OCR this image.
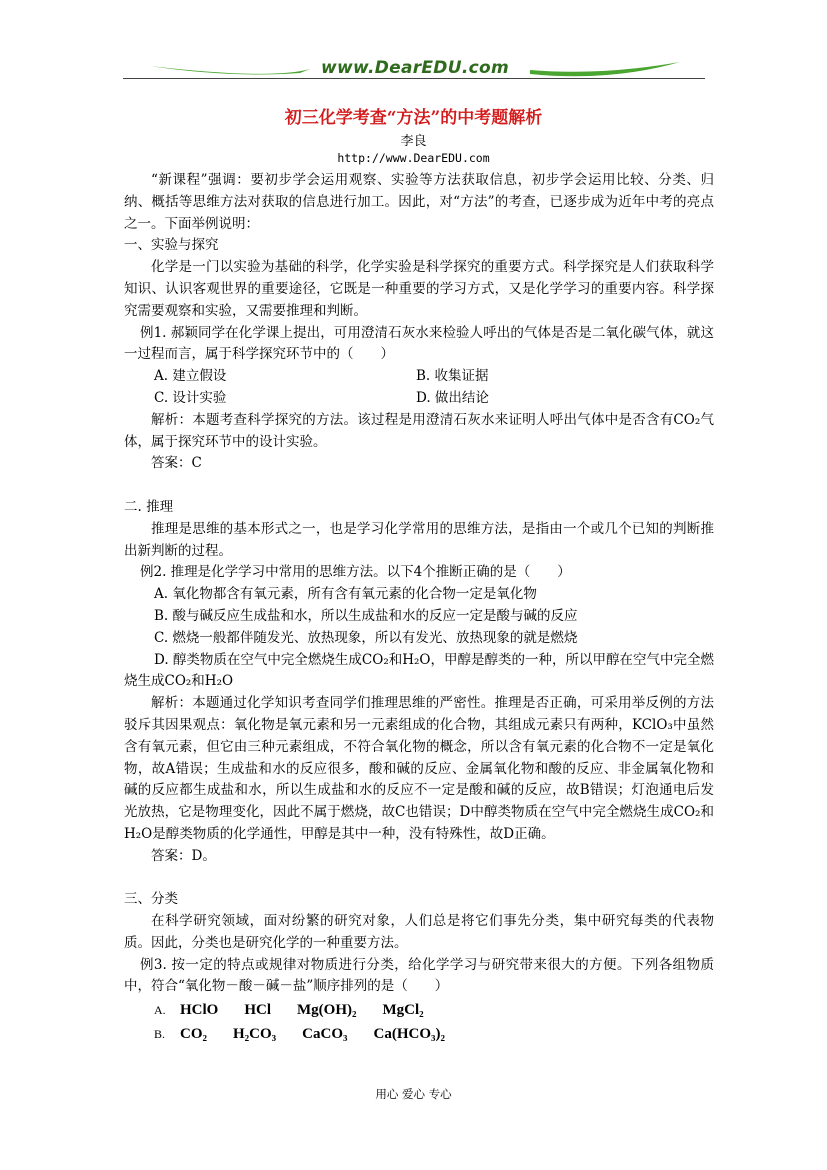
www.DearEDU.com
初三化学考查“方法”的中考题解析
李良
http://www.DearEDU.com

“新课程”强调：要初步学会运用观察、实验等方法获取信息，初步学会运用比较、分类、归纳、概括等思维方法对获取的信息进行加工。因此，对“方法”的考查，已逐步成为近年中考的亮点之一。下面举例说明：

一、实验与探究

化学是一门以实验为基础的科学，化学实验是科学探究的重要方式。科学探究是人们获取科学知识、认识客观世界的重要途径，它既是一种重要的学习方式，又是化学学习的重要内容。科学探究需要观察和实验，又需要推理和判断。

例1. 郝颖同学在化学课上提出，可用澄清石灰水来检验人呼出的气体是否是二氧化碳气体，就这一过程而言，属于科学探究环节中的（　　）

A. 建立假设	B. 收集证据
C. 设计实验	D. 做出结论

解析：本题考查科学探究的方法。该过程是用澄清石灰水来证明人呼出气体中是否含有CO₂气体，属于探究环节中的设计实验。

答案：C

二. 推理

推理是思维的基本形式之一，也是学习化学常用的思维方法，是指由一个或几个已知的判断推出新判断的过程。

例2. 推理是化学学习中常用的思维方法。以下4个推断正确的是（　　）

A. 氧化物都含有氧元素，所有含有氧元素的化合物一定是氧化物

B. 酸与碱反应生成盐和水，所以生成盐和水的反应一定是酸与碱的反应

C. 燃烧一般都伴随发光、放热现象，所以有发光、放热现象的就是燃烧

D. 醇类物质在空气中完全燃烧生成CO₂和H₂O，甲醇是醇类的一种，所以甲醇在空气中完全燃烧生成CO₂和H₂O

解析：本题通过化学知识考查同学们推理思维的严密性。推理是否正确，可采用举反例的方法驳斥其因果观点：氧化物是氧元素和另一元素组成的化合物，其组成元素只有两种，KClO₃中虽然含有氧元素，但它由三种元素组成，不符合氧化物的概念，所以含有氧元素的化合物不一定是氧化物，故A错误；生成盐和水的反应很多，酸和碱的反应、金属氧化物和酸的反应、非金属氧化物和碱的反应都生成盐和水，所以生成盐和水的反应不一定是酸和碱的反应，故B错误；灯泡通电后发光放热，它是物理变化，因此不属于燃烧，故C也错误；D中醇类物质在空气中完全燃烧生成CO₂和H₂O是醇类物质的化学通性，甲醇是其中一种，没有特殊性，故D正确。

答案：D。

三、分类

在科学研究领域，面对纷繁的研究对象，人们总是将它们事先分类，集中研究每类的代表物质。因此，分类也是研究化学的一种重要方法。

例3. 按一定的特点或规律对物质进行分类，给化学学习与研究带来很大的方便。下列各组物质中，符合“氧化物－酸－碱－盐”顺序排列的是（　　）

A. HClO HCl Mg(OH)₂ MgCl₂
B. CO₂ H₂CO₃ CaCO₃ Ca(HCO₃)₂
用心 爱心 专心
